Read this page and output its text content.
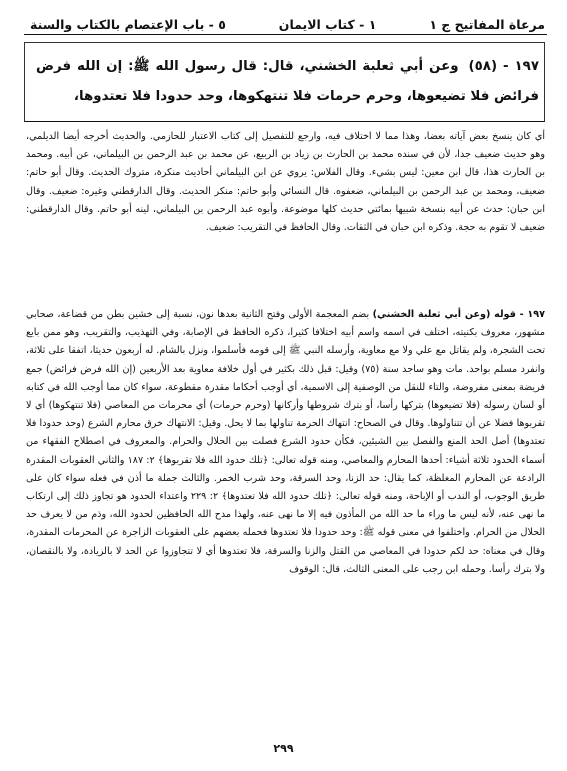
مرعاة المفاتيح ج ١
١ - كتاب الايمان
٥ - باب الإعتصام بالكتاب والسنة
١٩٧ - (٥٨) وعن أبي ثعلبة الخشني، قال: قال رسول الله ﷺ: إن الله فرض فرائض فلا تضيعوها، وحرم حرمات فلا تنتهكوها، وحد حدودا فلا تعتدوها،

أي كان ينسخ بعض آياته بعضا، وهذا مما لا اختلاف فيه، وارجع للتفصيل إلى كتاب الاعتبار للحازمي. والحديث أخرجه أيضا الديلمي، وهو حديث ضعيف جدا، لأن في سنده محمد بن الحارث بن زياد بن الربيع، عن محمد بن عبد الرحمن بن البيلماني، عن أبيه. ومحمد بن الحارث هذا، قال ابن معين: ليس بشيء. وقال الفلاس: يروي عن ابن البيلماني أحاديث منكرة، متروك الحديث. وقال أبو حاتم: ضعيف، ومحمد بن عبد الرحمن بن البيلماني، ضعفوه. قال النسائي وأبو حاتم: منكر الحديث. وقال الدارقطني وغيره: ضعيف. وقال ابن حبان: حدث عن أبيه بنسخة شبيها بمائتي حديث كلها موضوعة. وأبوه عبد الرحمن بن البيلماني، لينه أبو حاتم. وقال الدارقطني: ضعيف لا تقوم به حجة. وذكره ابن حبان في الثقات. وقال الحافظ في التقريب: ضعيف.

١٩٧ - قوله (وعن أبي ثعلبة الخشني) بضم المعجمة الأولى وفتح الثانية بعدها نون، نسبة إلى خشين بطن من قضاعة، صحابي مشهور، معروف بكنيته، اختلف في اسمه واسم أبيه اختلافا كثيرا، ذكره الحافظ في الإصابة، وفي التهذيب، والتقريب، وهو ممن بايع تحت الشجرة، ولم يقاتل مع علي ولا مع معاوية، وأرسله النبي ﷺ إلى قومه فأسلموا، ونزل بالشام. له أربعون حديثا، اتفقا على ثلاثة، وانفرد مسلم بواحد. مات وهو ساجد سنة (٧٥) وقيل: قبل ذلك بكثير في أول خلافة معاوية بعد الأربعين (إن الله فرض فرائض) جمع فريضة بمعنى مفروضة، والتاء للنقل من الوصفية إلى الاسمية، أي أوجب أحكاما مقدرة مقطوعة، سواء كان مما أوجب الله في كتابه أو لسان رسوله (فلا تضيعوها) بتركها رأسا، أو بترك شروطها وأركانها (وحرم حرمات) أي محرمات من المعاصي (فلا تنتهكوها) أي لا تقربوها فضلا عن أن تتناولوها. وقال في الصحاح: انتهاك الحرمة تناولها بما لا يحل. وقيل: الانتهاك خرق محارم الشرع (وحد حدودا فلا تعتدوها) أصل الحد المنع والفصل بين الشيئين، فكأن حدود الشرع فصلت بين الحلال والحرام. والمعروف في اصطلاح الفقهاء من أسماء الحدود ثلاثة أشياء: أحدها المحارم والمعاصي، ومنه قوله تعالى: ﴿تلك حدود الله فلا تقربوها﴾ ٢: ١٨٧ والثاني العقوبات المقدرة الرادعة عن المحارم المغلظة، كما يقال: حد الزنا، وحد السرقة، وحد شرب الخمر. والثالث جملة ما أذن في فعله سواء كان على طريق الوجوب، أو الندب أو الإباحة، ومنه قوله تعالى: ﴿تلك حدود الله فلا تعتدوها﴾ ٢: ٢٢٩ واعتداء الحدود هو تجاوز ذلك إلى ارتكاب ما نهى عنه، لأنه ليس ما وراء ما حد الله من المأذون فيه إلا ما نهى عنه، ولهذا مدح الله الحافظين لحدود الله، وذم من لا يعرف حد الحلال من الحرام. واختلفوا في معنى قوله ﷺ: وحد حدودا فلا تعتدوها فحمله بعضهم على العقوبات الزاجرة عن المحرمات المقدرة، وقال في معناه: حد لكم حدودا في المعاصي من القتل والزنا والسرقة، فلا تعتدوها أي لا تتجاوزوا عن الحد لا بالزيادة، ولا بالنقصان، ولا بترك رأسا. وحمله ابن رجب على المعنى الثالث، قال: الوقوف

٢٩٩
